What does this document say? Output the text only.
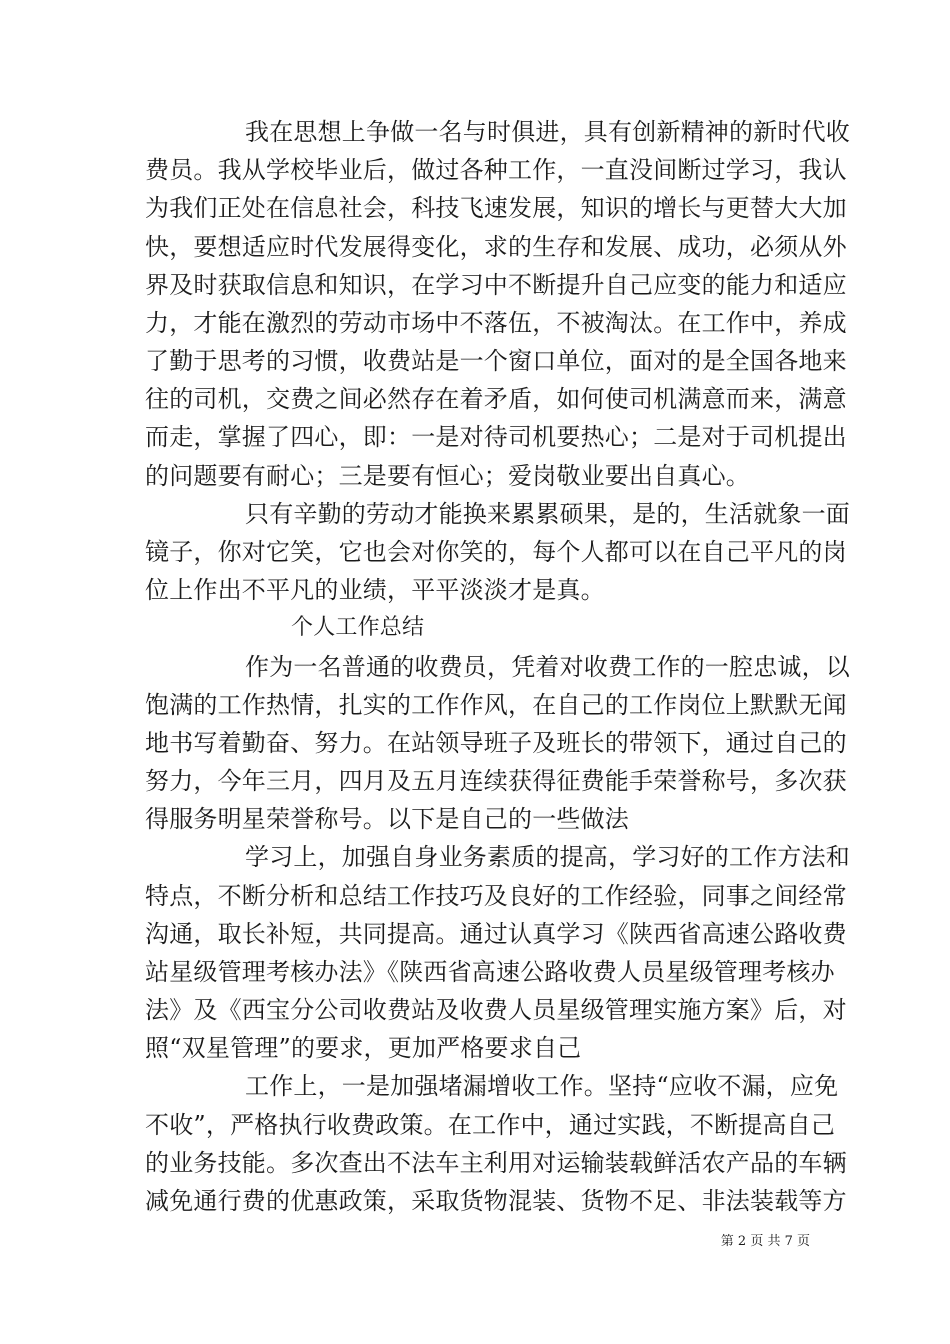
我在思想上争做一名与时俱进，具有创新精神的新时代收
费员。我从学校毕业后，做过各种工作，一直没间断过学习，我认
为我们正处在信息社会，科技飞速发展，知识的增长与更替大大加
快，要想适应时代发展得变化，求的生存和发展、成功，必须从外
界及时获取信息和知识，在学习中不断提升自己应变的能力和适应
力，才能在激烈的劳动市场中不落伍，不被淘汰。在工作中，养成
了勤于思考的习惯，收费站是一个窗口单位，面对的是全国各地来
往的司机，交费之间必然存在着矛盾，如何使司机满意而来，满意
而走，掌握了四心，即：一是对待司机要热心；二是对于司机提出
的问题要有耐心；三是要有恒心；爱岗敬业要出自真心。
只有辛勤的劳动才能换来累累硕果，是的，生活就象一面
镜子，你对它笑，它也会对你笑的，每个人都可以在自己平凡的岗
位上作出不平凡的业绩，平平淡淡才是真。
个人工作总结
作为一名普通的收费员，凭着对收费工作的一腔忠诚，以
饱满的工作热情，扎实的工作作风，在自己的工作岗位上默默无闻
地书写着勤奋、努力。在站领导班子及班长的带领下，通过自己的
努力，今年三月，四月及五月连续获得征费能手荣誉称号，多次获
得服务明星荣誉称号。以下是自己的一些做法
学习上，加强自身业务素质的提高，学习好的工作方法和
特点，不断分析和总结工作技巧及良好的工作经验，同事之间经常
沟通，取长补短，共同提高。通过认真学习《陕西省高速公路收费
站星级管理考核办法》《陕西省高速公路收费人员星级管理考核办
法》及《西宝分公司收费站及收费人员星级管理实施方案》后，对
照“双星管理”的要求，更加严格要求自己
工作上，一是加强堵漏增收工作。坚持“应收不漏，应免
不收”，严格执行收费政策。在工作中，通过实践，不断提高自己
的业务技能。多次查出不法车主利用对运输装载鲜活农产品的车辆
减免通行费的优惠政策，采取货物混装、货物不足、非法装载等方
第 2 页 共 7 页
